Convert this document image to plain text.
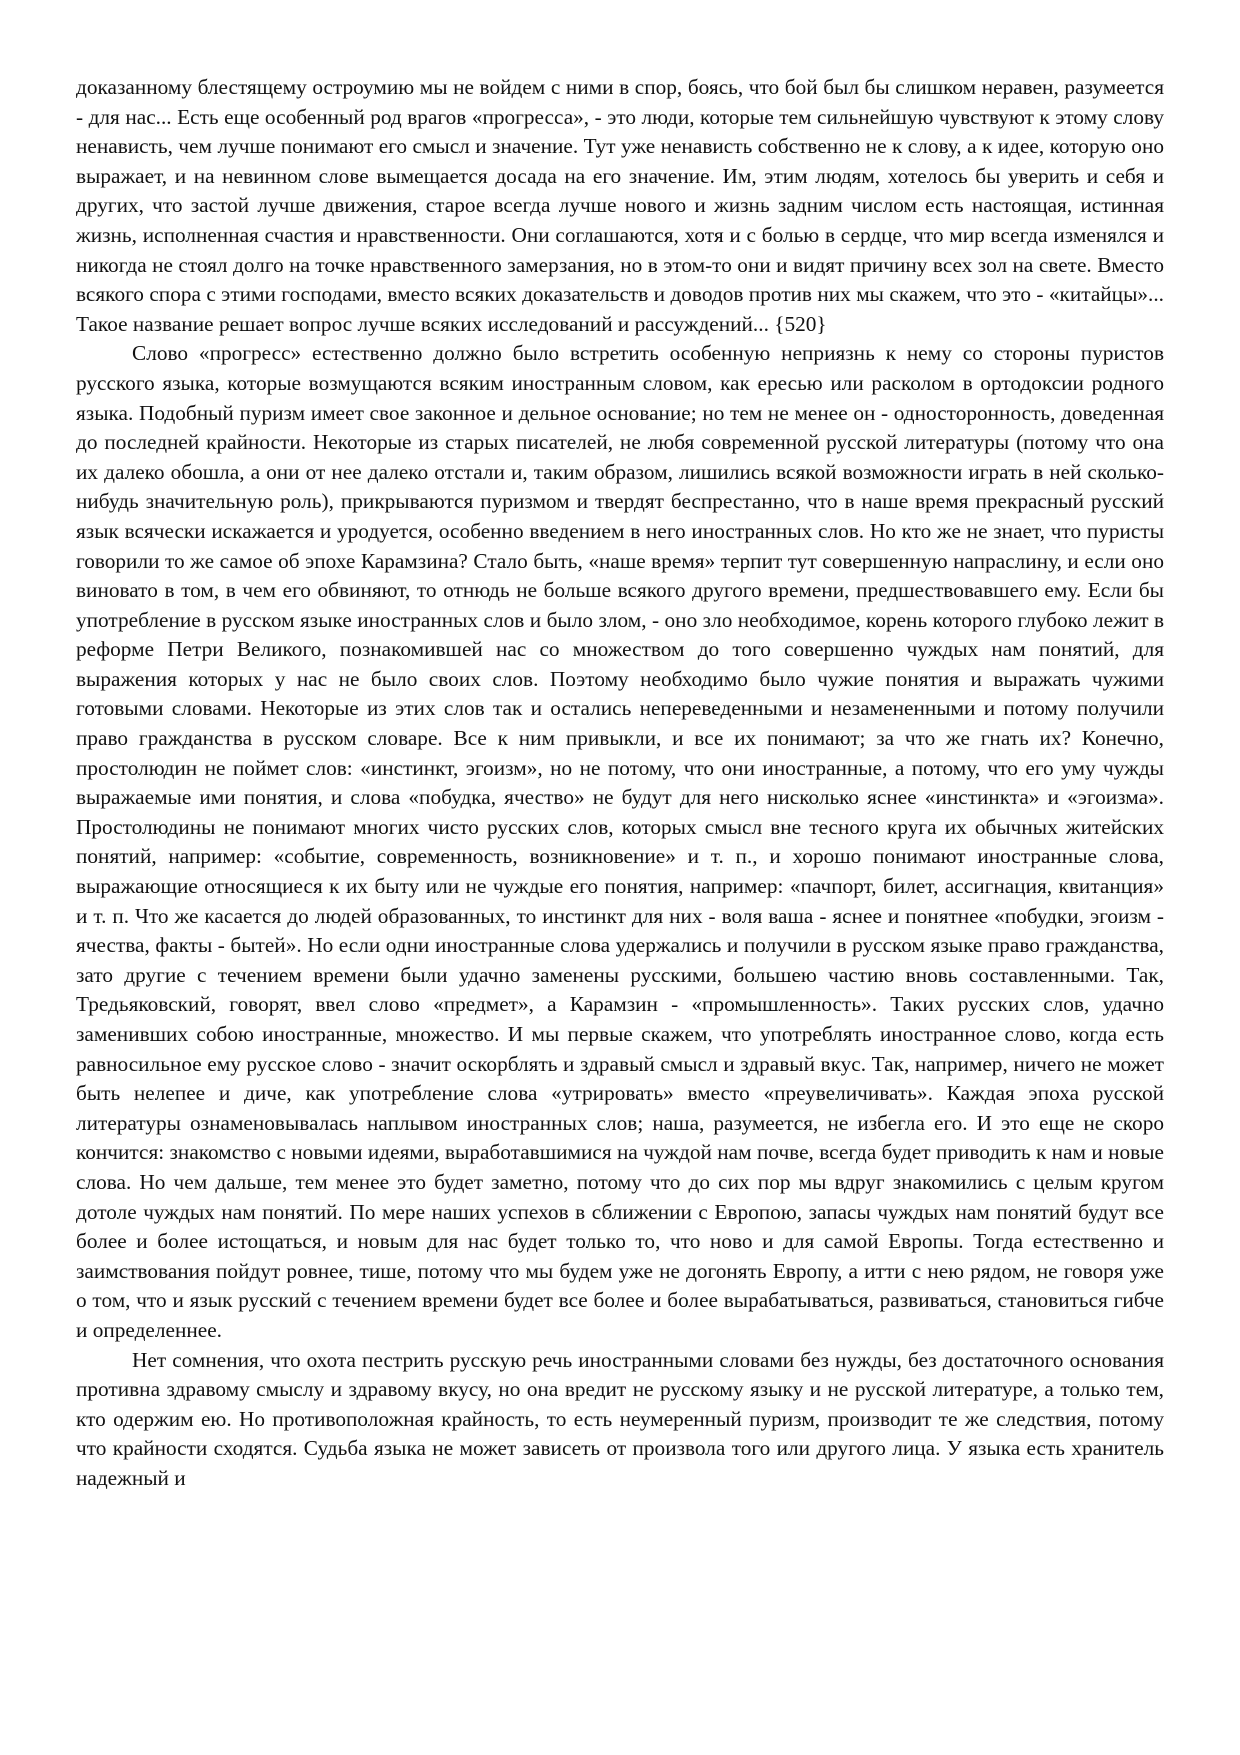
доказанному блестящему остроумию мы не войдем с ними в спор, боясь, что бой был бы слишком неравен, разумеется - для нас... Есть еще особенный род врагов «прогресса», - это люди, которые тем сильнейшую чувствуют к этому слову ненависть, чем лучше понимают его смысл и значение. Тут уже ненависть собственно не к слову, а к идее, которую оно выражает, и на невинном слове вымещается досада на его значение. Им, этим людям, хотелось бы уверить и себя и других, что застой лучше движения, старое всегда лучше нового и жизнь задним числом есть настоящая, истинная жизнь, исполненная счастия и нравственности. Они соглашаются, хотя и с болью в сердце, что мир всегда изменялся и никогда не стоял долго на точке нравственного замерзания, но в этом-то они и видят причину всех зол на свете. Вместо всякого спора с этими господами, вместо всяких доказательств и доводов против них мы скажем, что это - «китайцы»... Такое название решает вопрос лучше всяких исследований и рассуждений... {520}

Слово «прогресс» естественно должно было встретить особенную неприязнь к нему со стороны пуристов русского языка, которые возмущаются всяким иностранным словом, как ересью или расколом в ортодоксии родного языка. Подобный пуризм имеет свое законное и дельное основание; но тем не менее он - односторонность, доведенная до последней крайности. Некоторые из старых писателей, не любя современной русской литературы (потому что она их далеко обошла, а они от нее далеко отстали и, таким образом, лишились всякой возможности играть в ней сколько-нибудь значительную роль), прикрываются пуризмом и твердят беспрестанно, что в наше время прекрасный русский язык всячески искажается и уродуется, особенно введением в него иностранных слов. Но кто же не знает, что пуристы говорили то же самое об эпохе Карамзина? Стало быть, «наше время» терпит тут совершенную напраслину, и если оно виновато в том, в чем его обвиняют, то отнюдь не больше всякого другого времени, предшествовавшего ему. Если бы употребление в русском языке иностранных слов и было злом, - оно зло необходимое, корень которого глубоко лежит в реформе Петри Великого, познакомившей нас со множеством до того совершенно чуждых нам понятий, для выражения которых у нас не было своих слов. Поэтому необходимо было чужие понятия и выражать чужими готовыми словами. Некоторые из этих слов так и остались непереведенными и незамененными и потому получили право гражданства в русском словаре. Все к ним привыкли, и все их понимают; за что же гнать их? Конечно, простолюдин не поймет слов: «инстинкт, эгоизм», но не потому, что они иностранные, а потому, что его уму чужды выражаемые ими понятия, и слова «побудка, ячество» не будут для него нисколько яснее «инстинкта» и «эгоизма». Простолюдины не понимают многих чисто русских слов, которых смысл вне тесного круга их обычных житейских понятий, например: «событие, современность, возникновение» и т. п., и хорошо понимают иностранные слова, выражающие относящиеся к их быту или не чуждые его понятия, например: «пачпорт, билет, ассигнация, квитанция» и т. п. Что же касается до людей образованных, то инстинкт для них - воля ваша - яснее и понятнее «побудки, эгоизм - ячества, факты - бытей». Но если одни иностранные слова удержались и получили в русском языке право гражданства, зато другие с течением времени были удачно заменены русскими, большею частию вновь составленными. Так, Тредьяковский, говорят, ввел слово «предмет», а Карамзин - «промышленность». Таких русских слов, удачно заменивших собою иностранные, множество. И мы первые скажем, что употреблять иностранное слово, когда есть равносильное ему русское слово - значит оскорблять и здравый смысл и здравый вкус. Так, например, ничего не может быть нелепее и диче, как употребление слова «утрировать» вместо «преувеличивать». Каждая эпоха русской литературы ознаменовывалась наплывом иностранных слов; наша, разумеется, не избегла его. И это еще не скоро кончится: знакомство с новыми идеями, выработавшимися на чуждой нам почве, всегда будет приводить к нам и новые слова. Но чем дальше, тем менее это будет заметно, потому что до сих пор мы вдруг знакомились с целым кругом дотоле чуждых нам понятий. По мере наших успехов в сближении с Европою, запасы чуждых нам понятий будут все более и более истощаться, и новым для нас будет только то, что ново и для самой Европы. Тогда естественно и заимствования пойдут ровнее, тише, потому что мы будем уже не догонять Европу, а итти с нею рядом, не говоря уже о том, что и язык русский с течением времени будет все более и более вырабатываться, развиваться, становиться гибче и определеннее.

Нет сомнения, что охота пестрить русскую речь иностранными словами без нужды, без достаточного основания противна здравому смыслу и здравому вкусу, но она вредит не русскому языку и не русской литературе, а только тем, кто одержим ею. Но противоположная крайность, то есть неумеренный пуризм, производит те же следствия, потому что крайности сходятся. Судьба языка не может зависеть от произвола того или другого лица. У языка есть хранитель надежный и
